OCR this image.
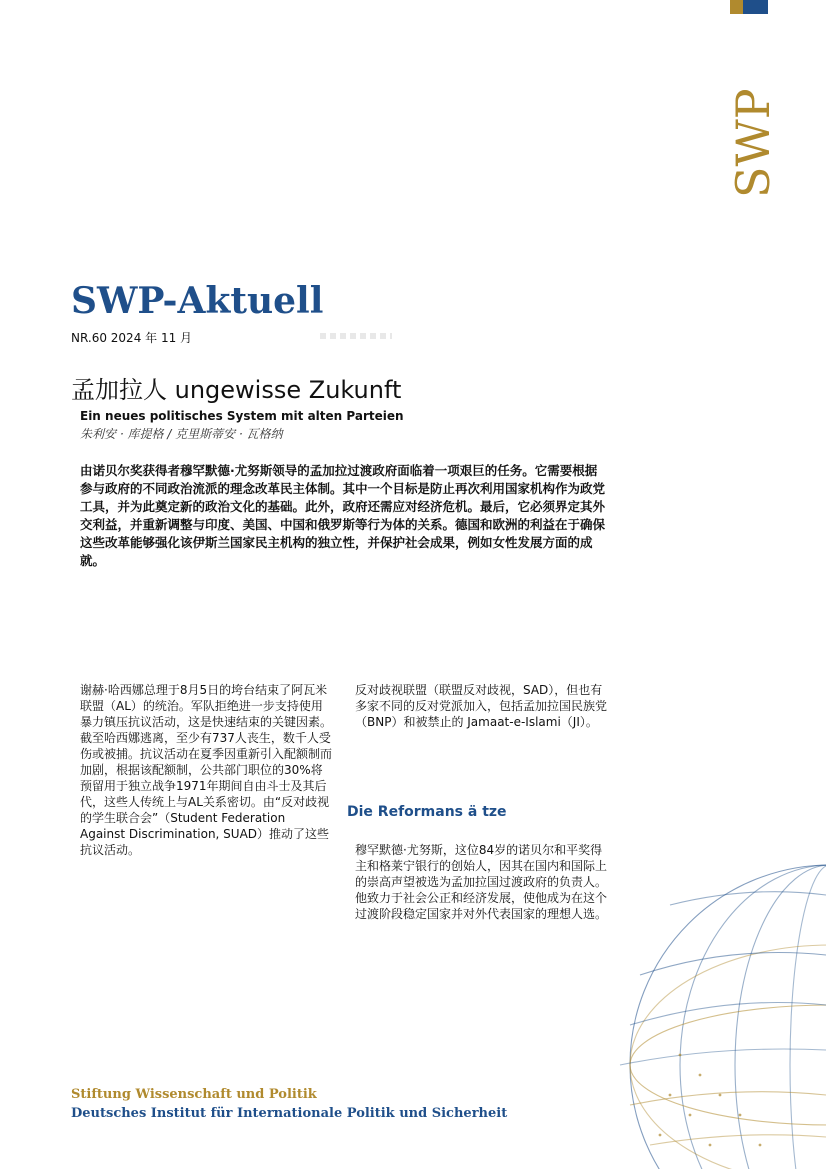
SWP
SWP-Aktuell
NR.60 2024 年 11 月
孟加拉人 ungewisse Zukunft
Ein neues politisches System mit alten Parteien
朱利安 · 库提格 / 克里斯蒂安 · 瓦格纳

由诺贝尔奖获得者穆罕默德·尤努斯领导的孟加拉过渡政府面临着一项艰巨的任务。它需要根据参与政府的不同政治流派的理念改革民主体制。其中一个目标是防止再次利用国家机构作为政党工具，并为此奠定新的政治文化的基础。此外，政府还需应对经济危机。最后，它必须界定其外交利益，并重新调整与印度、美国、中国和俄罗斯等行为体的关系。德国和欧洲的利益在于确保这些改革能够强化该伊斯兰国家民主机构的独立性，并保护社会成果，例如女性发展方面的成就。

谢赫·哈西娜总理于8月5日的垮台结束了阿瓦米联盟（AL）的统治。军队拒绝进一步支持使用暴力镇压抗议活动，这是快速结束的关键因素。截至哈西娜逃离，至少有737人丧生，数千人受伤或被捕。抗议活动在夏季因重新引入配额制而加剧，根据该配额制，公共部门职位的30%将预留用于独立战争1971年期间自由斗士及其后代，这些人传统上与AL关系密切。由“反对歧视的学生联合会”（Student Federation Against Discrimination, SUAD）推动了这些抗议活动。

反对歧视联盟（联盟反对歧视，SAD），但也有多家不同的反对党派加入，包括孟加拉国民族党（BNP）和被禁止的 Jamaat-e-Islami（JI）。

Die Reformans ä tze

穆罕默德·尤努斯，这位84岁的诺贝尔和平奖得主和格莱宁银行的创始人，因其在国内和国际上的崇高声望被选为孟加拉国过渡政府的负责人。他致力于社会公正和经济发展，使他成为在这个过渡阶段稳定国家并对外代表国家的理想人选。

Stiftung Wissenschaft und Politik
Deutsches Institut für Internationale Politik und Sicherheit
